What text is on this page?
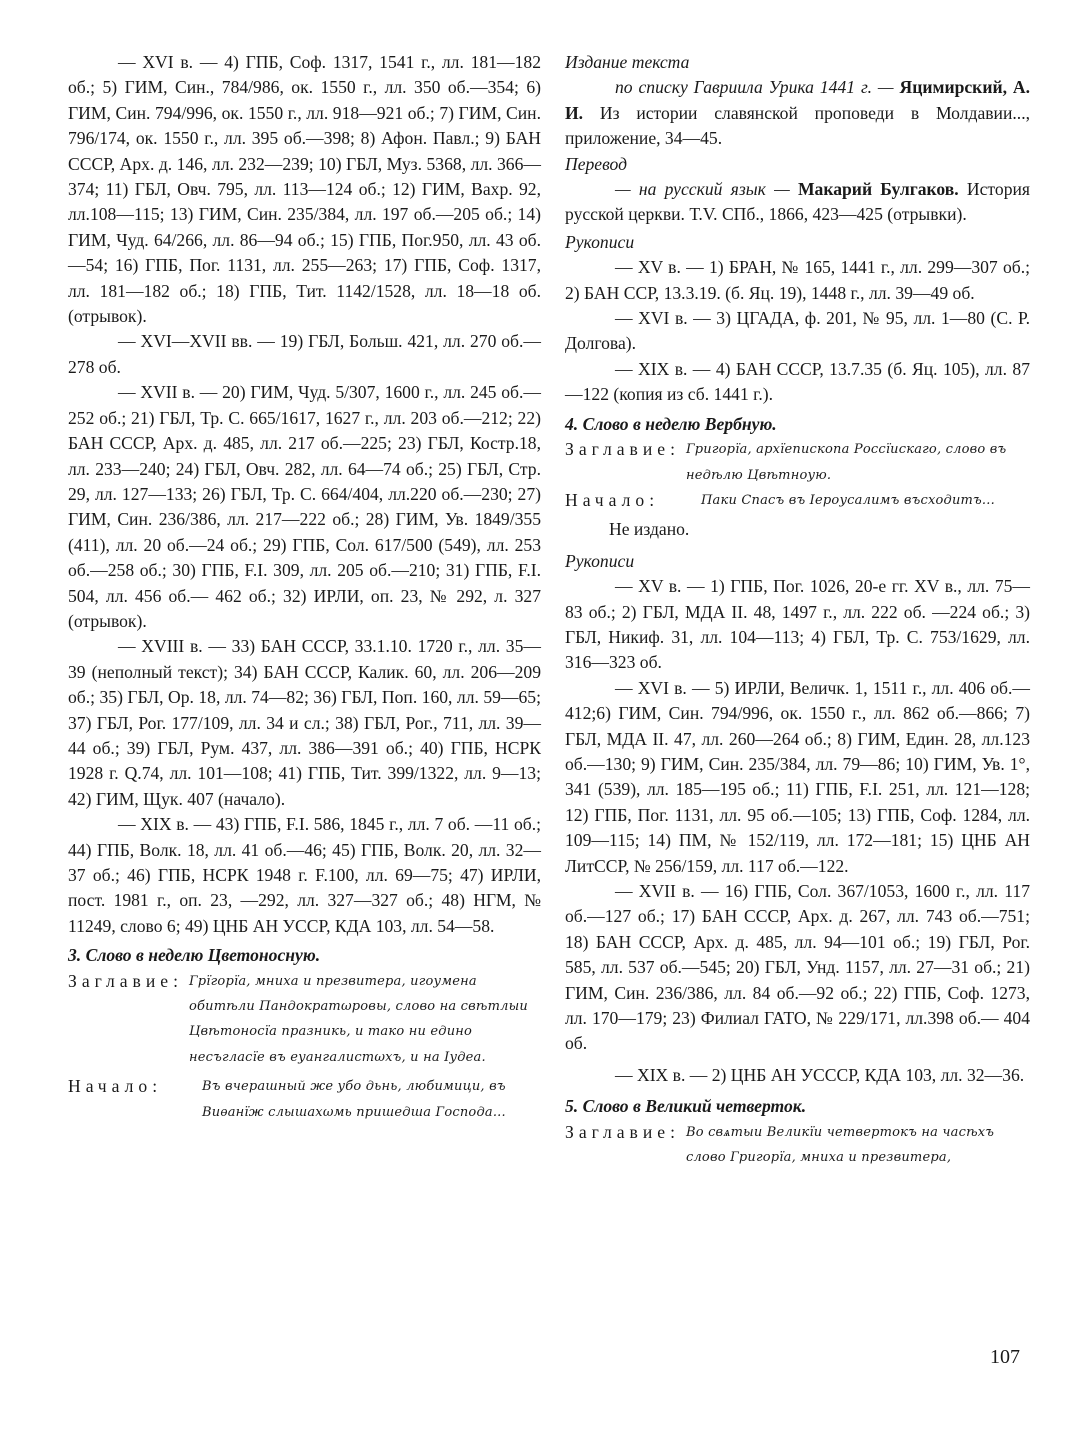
— XVI в. — 4) ГПБ, Соф. 1317, 1541 г., лл. 181—182 об.; 5) ГИМ, Син., 784/986, ок. 1550 г., лл. 350 об.—354; 6) ГИМ, Син. 794/996, ок. 1550 г., лл. 918—921 об.; 7) ГИМ, Син. 796/174, ок. 1550 г., лл. 395 об.—398; 8) Афон. Павл.; 9) БАН СССР, Арх. д. 146, лл. 232—239; 10) ГБЛ, Муз. 5368, лл. 366—374; 11) ГБЛ, Овч. 795, лл. 113—124 об.; 12) ГИМ, Вахр. 92, лл.108—115; 13) ГИМ, Син. 235/384, лл. 197 об.—205 об.; 14) ГИМ, Чуд. 64/266, лл. 86—94 об.; 15) ГПБ, Пог.950, лл. 43 об.—54; 16) ГПБ, Пог. 1131, лл. 255—263; 17) ГПБ, Соф. 1317, лл. 181—182 об.; 18) ГПБ, Тит. 1142/1528, лл. 18—18 об. (отрывок).

— XVI—XVII вв. — 19) ГБЛ, Больш. 421, лл. 270 об.—278 об.

— XVII в. — 20) ГИМ, Чуд. 5/307, 1600 г., лл. 245 об.—252 об.; 21) ГБЛ, Тр. С. 665/1617, 1627 г., лл. 203 об.—212; 22) БАН СССР, Арх. д. 485, лл. 217 об.—225; 23) ГБЛ, Костр.18, лл. 233—240; 24) ГБЛ, Овч. 282, лл. 64—74 об.; 25) ГБЛ, Стр. 29, лл. 127—133; 26) ГБЛ, Тр. С. 664/404, лл.220 об.—230; 27) ГИМ, Син. 236/386, лл. 217—222 об.; 28) ГИМ, Ув. 1849/355 (411), лл. 20 об.—24 об.; 29) ГПБ, Сол. 617/500 (549), лл. 253 об.—258 об.; 30) ГПБ, F.I. 309, лл. 205 об.—210; 31) ГПБ, F.I. 504, лл. 456 об.— 462 об.; 32) ИРЛИ, оп. 23, № 292, л. 327 (отрывок).

— XVIII в. — 33) БАН СССР, 33.1.10. 1720 г., лл. 35—39 (неполный текст); 34) БАН СССР, Калик. 60, лл. 206—209 об.; 35) ГБЛ, Ор. 18, лл. 74—82; 36) ГБЛ, Поп. 160, лл. 59—65; 37) ГБЛ, Рог. 177/109, лл. 34 и сл.; 38) ГБЛ, Рог., 711, лл. 39—44 об.; 39) ГБЛ, Рум. 437, лл. 386—391 об.; 40) ГПБ, НСРК 1928 г. Q.74, лл. 101—108; 41) ГПБ, Тит. 399/1322, лл. 9—13; 42) ГИМ, Щук. 407 (начало).

— XIX в. — 43) ГПБ, F.I. 586, 1845 г., лл. 7 об. —11 об.; 44) ГПБ, Волк. 18, лл. 41 об.—46; 45) ГПБ, Волк. 20, лл. 32—37 об.; 46) ГПБ, НСРК 1948 г. F.100, лл. 69—75; 47) ИРЛИ, пост. 1981 г., оп. 23, —292, лл. 327—327 об.; 48) НГМ, № 11249, слово 6; 49) ЦНБ АН УССР, КДА 103, лл. 54—58.

3. Слово в неделю Цветоносную.

Заглавие: Грїгорїа, мниха и презвитера, игоумена обитѣли Пандократωровы, слово на свѣтлыи Цвѣтоносїа празникь, и тако ни едино несъгласїе въ еуангалистωхъ, и на Ιудеа.
Начало:	Въ вчерашный же убо дьнь, любимици, въ Виѳанїж слышахωмь пришедша Господа...

Издание текста

по списку Гавриила Урика 1441 г. — Яцимирский, А. И. Из истории славянской проповеди в Молдавии..., приложение, 34—45.

Перевод

— на русский язык — Макарий Булгаков. История русской церкви. Т.V. СПб., 1866, 423—425 (отрывки).

Рукописи

— XV в. — 1) БРАН, № 165, 1441 г., лл. 299—307 об.; 2) БАН ССР, 13.3.19. (б. Яц. 19), 1448 г., лл. 39—49 об.

— XVI в. — 3) ЦГАДА, ф. 201, № 95, лл. 1—80 (С. Р. Долгова).

— XIX в. — 4) БАН СССР, 13.7.35 (б. Яц. 105), лл. 87—122 (копия из сб. 1441 г.).

4. Слово в неделю Вербную.

Заглавие: Григорїа, архїепископа Россїискаго, слово въ недѣлю Цвѣтноую.
Начало:	Паки Спасъ въ Ιероусалимъ въсходитъ...

Не издано.

Рукописи

— XV в. — 1) ГПБ, Пог. 1026, 20-е гг. XV в., лл. 75—83 об.; 2) ГБЛ, МДА II. 48, 1497 г., лл. 222 об. —224 об.; 3) ГБЛ, Никиф. 31, лл. 104—113; 4) ГБЛ, Тр. С. 753/1629, лл. 316—323 об.

— XVI в. — 5) ИРЛИ, Величк. 1, 1511 г., лл. 406 об.—412;6) ГИМ, Син. 794/996, ок. 1550 г., лл. 862 об.—866; 7) ГБЛ, МДА II. 47, лл. 260—264 об.; 8) ГИМ, Един. 28, лл.123 об.—130; 9) ГИМ, Син. 235/384, лл. 79—86; 10) ГИМ, Ув. 1°, 341 (539), лл. 185—195 об.; 11) ГПБ, F.I. 251, лл. 121—128; 12) ГПБ, Пог. 1131, лл. 95 об.—105; 13) ГПБ, Соф. 1284, лл. 109—115; 14) ПМ, № 152/119, лл. 172—181; 15) ЦНБ АН ЛитССР, № 256/159, лл. 117 об.—122.

— XVII в. — 16) ГПБ, Сол. 367/1053, 1600 г., лл. 117 об.—127 об.; 17) БАН СССР, Арх. д. 267, лл. 743 об.—751; 18) БАН СССР, Арх. д. 485, лл. 94—101 об.; 19) ГБЛ, Рог. 585, лл. 537 об.—545; 20) ГБЛ, Унд. 1157, лл. 27—31 об.; 21) ГИМ, Син. 236/386, лл. 84 об.—92 об.; 22) ГПБ, Соф. 1273, лл. 170—179; 23) Филиал ГАТО, № 229/171, лл.398 об.— 404 об.

— XIX в. — 2) ЦНБ АН УСССР, КДА 103, лл. 32—36.

5. Слово в Великий четверток.

Заглавие: Во свѧтыи Великїи четвертокъ на часѣхъ слово Григорїа, мниха и презвитера,
107
